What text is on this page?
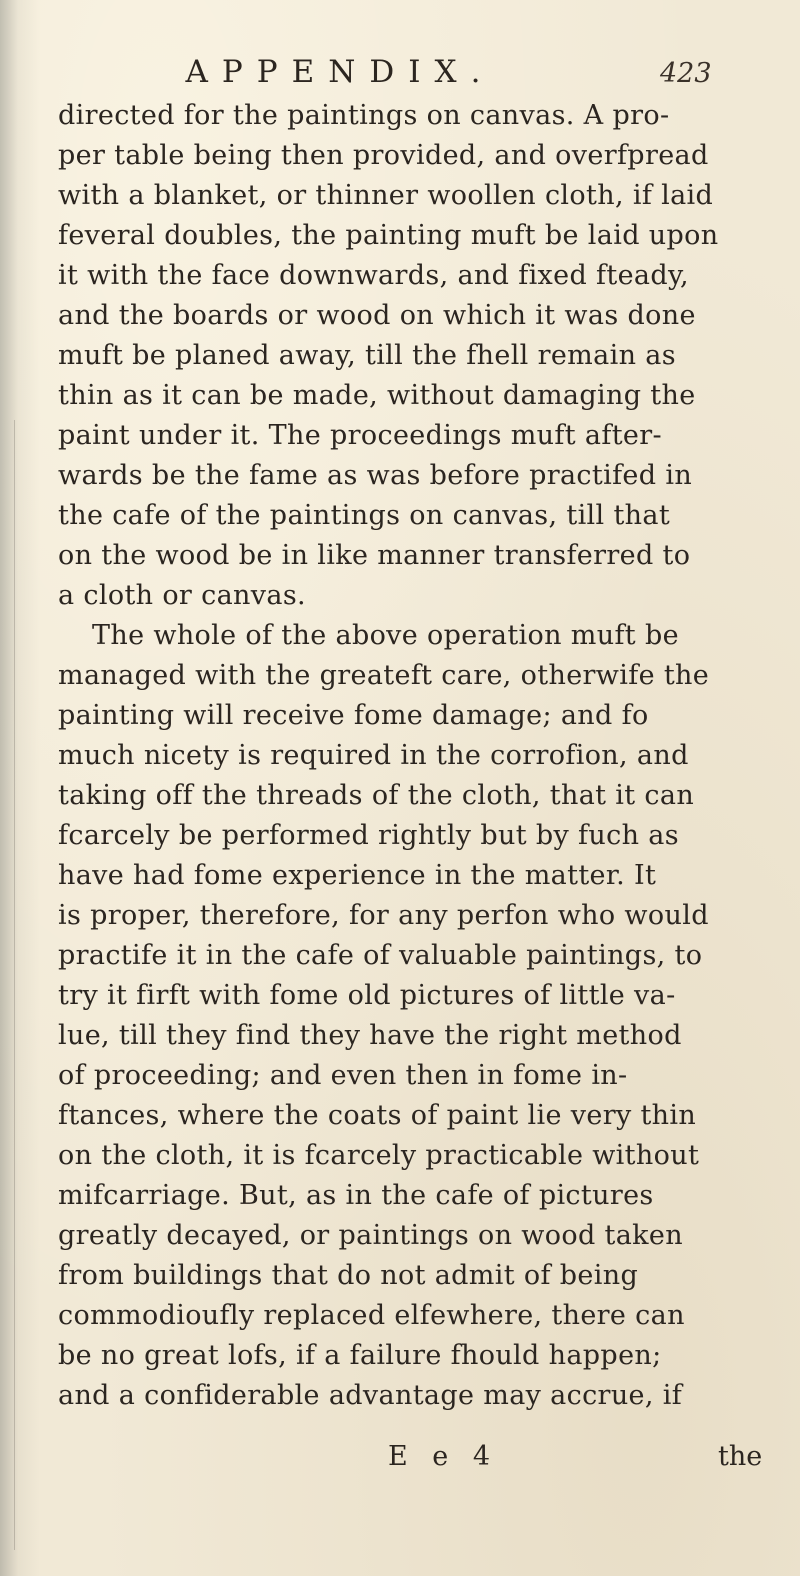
APPENDIX.	423
directed for the paintings on canvas. A pro-
per table being then provided, and overfpread
with a blanket, or thinner woollen cloth, if laid
feveral doubles, the painting muft be laid upon
it with the face downwards, and fixed fteady,
and the boards or wood on which it was done
muft be planed away, till the fhell remain as
thin as it can be made, without damaging the
paint under it. The proceedings muft after-
wards be the fame as was before practifed in
the cafe of the paintings on canvas, till that
on the wood be in like manner transferred to
a cloth or canvas.
The whole of the above operation muft be
managed with the greateft care, otherwife the
painting will receive fome damage; and fo
much nicety is required in the corrofion, and
taking off the threads of the cloth, that it can
fcarcely be performed rightly but by fuch as
have had fome experience in the matter. It
is proper, therefore, for any perfon who would
practife it in the cafe of valuable paintings, to
try it firft with fome old pictures of little va-
lue, till they find they have the right method
of proceeding; and even then in fome in-
ftances, where the coats of paint lie very thin
on the cloth, it is fcarcely practicable without
mifcarriage. But, as in the cafe of pictures
greatly decayed, or paintings on wood taken
from buildings that do not admit of being
commodioufly replaced elfewhere, there can
be no great lofs, if a failure fhould happen;
and a confiderable advantage may accrue, if
E e 4	the
